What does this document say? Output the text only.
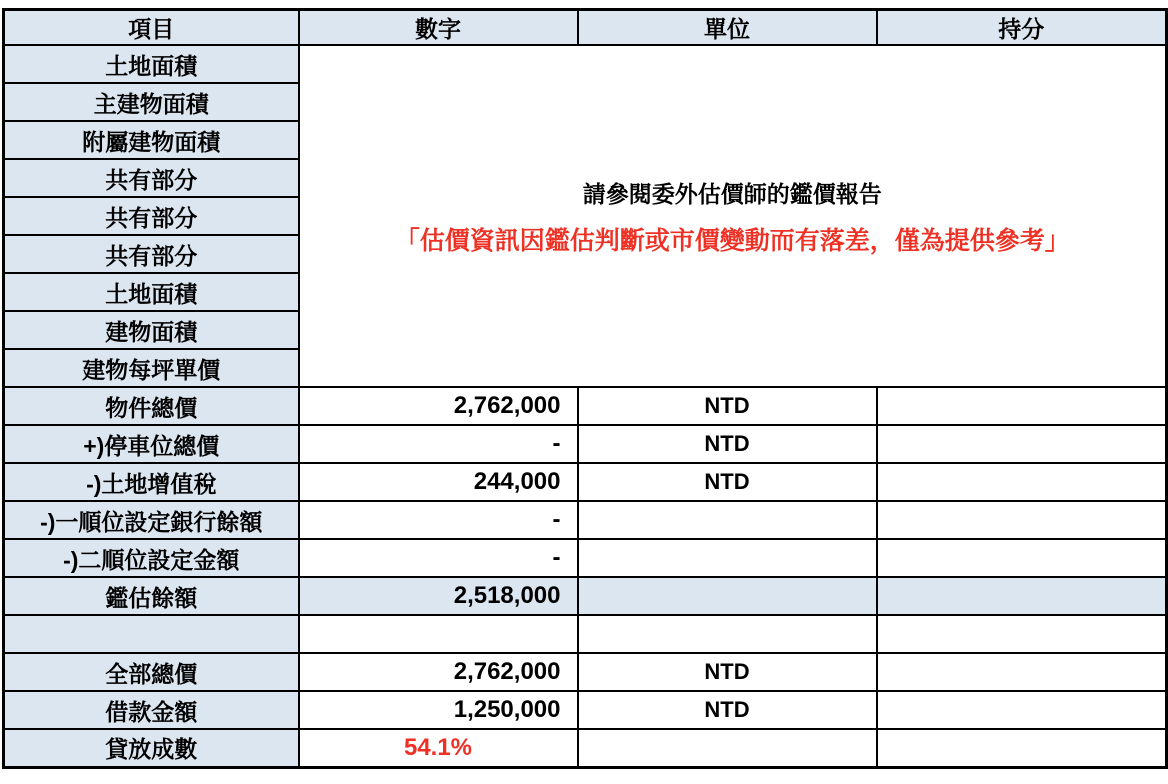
項目	數字	單位	持分
土地面積	請參閱委外估價師的鑑價報告
「估價資訊因鑑估判斷或市價變動而有落差，僅為提供參考」		

主建物面積			
附屬建物面積			
共有部分			
共有部分			
共有部分			
土地面積			
建物面積			
建物每坪單價			
物件總價	2,762,000	NTD	
+)停車位總價	-	NTD	
-)土地增值稅	244,000	NTD	
-)一順位設定銀行餘額	-		
-)二順位設定金額	-		
鑑估餘額	2,518,000		

全部總價	2,762,000	NTD	
借款金額	1,250,000	NTD	
貸放成數	54.1%		
